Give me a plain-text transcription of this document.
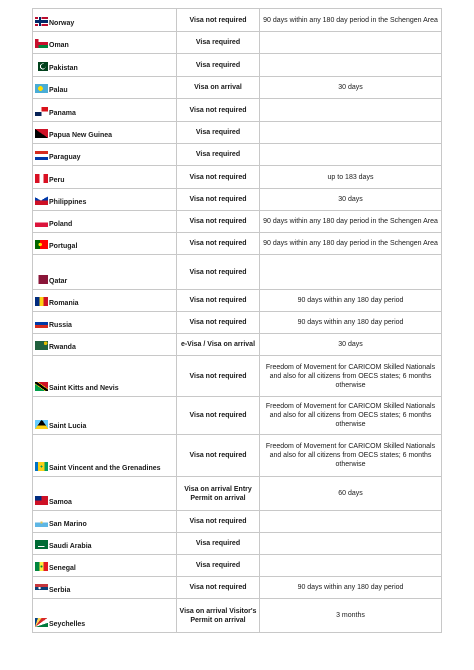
Norway	Visa not required	90 days within any 180 day period in the Schengen Area
Oman	Visa required	
Pakistan	Visa required	
Palau	Visa on arrival	30 days
Panama	Visa not required	
Papua New Guinea	Visa required	
Paraguay	Visa required	
Peru	Visa not required	up to 183 days
Philippines	Visa not required	30 days
Poland	Visa not required	90 days within any 180 day period in the Schengen Area
Portugal	Visa not required	90 days within any 180 day period in the Schengen Area
Qatar	Visa not required	
Romania	Visa not required	90 days within any 180 day period
Russia	Visa not required	90 days within any 180 day period
Rwanda	e-Visa / Visa on arrival	30 days
Saint Kitts and Nevis	Visa not required	Freedom of Movement for CARICOM Skilled Nationals and also for all citizens from OECS states; 6 months otherwise
Saint Lucia	Visa not required	Freedom of Movement for CARICOM Skilled Nationals and also for all citizens from OECS states; 6 months otherwise
Saint Vincent and the Grenadines	Visa not required	Freedom of Movement for CARICOM Skilled Nationals and also for all citizens from OECS states; 6 months otherwise
Samoa	Visa on arrival Entry Permit on arrival	60 days
San Marino	Visa not required	
Saudi Arabia	Visa required	
Senegal	Visa required	
Serbia	Visa not required	90 days within any 180 day period
Seychelles	Visa on arrival Visitor's Permit on arrival	3 months
